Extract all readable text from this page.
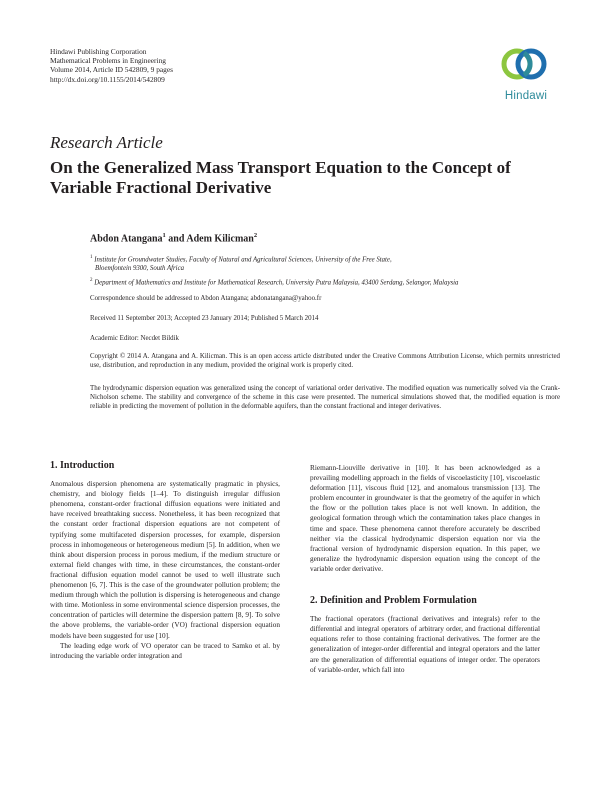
Hindawi Publishing Corporation
Mathematical Problems in Engineering
Volume 2014, Article ID 542809, 9 pages
http://dx.doi.org/10.1155/2014/542809
Hindawi
Research Article
On the Generalized Mass Transport Equation to the Concept of Variable Fractional Derivative
Abdon Atangana$^1$ and Adem Kilicman$^2$
$^1$ Institute for Groundwater Studies, Faculty of Natural and Agricultural Sciences, University of the Free State,
Bloemfontein 9300, South Africa
$^2$ Department of Mathematics and Institute for Mathematical Research, University Putra Malaysia, 43400 Serdang, Selangor, Malaysia
Correspondence should be addressed to Abdon Atangana; abdonatangana@yahoo.fr
Received 11 September 2013; Accepted 23 January 2014; Published 5 March 2014
Academic Editor: Necdet Bildik
Copyright © 2014 A. Atangana and A. Kilicman. This is an open access article distributed under the Creative Commons Attribution License, which permits unrestricted use, distribution, and reproduction in any medium, provided the original work is properly cited.
The hydrodynamic dispersion equation was generalized using the concept of variational order derivative. The modified equation was numerically solved via the Crank-Nicholson scheme. The stability and convergence of the scheme in this case were presented. The numerical simulations showed that, the modified equation is more reliable in predicting the movement of pollution in the deformable aquifers, than the constant fractional and integer derivatives.
1. Introduction

Anomalous dispersion phenomena are systematically pragmatic in physics, chemistry, and biology fields [1–4]. To distinguish irregular diffusion phenomena, constant-order fractional diffusion equations were initiated and have received breathtaking success. Nonetheless, it has been recognized that the constant order fractional dispersion equations are not competent of typifying some multifaceted dispersion processes, for example, dispersion process in inhomogeneous or heterogeneous medium [5]. In addition, when we think about dispersion process in porous medium, if the medium structure or external field changes with time, in these circumstances, the constant-order fractional diffusion equation model cannot be used to well illustrate such phenomenon [6, 7]. This is the case of the groundwater pollution problem; the medium through which the pollution is dispersing is heterogeneous and change with time. Motionless in some environmental science dispersion processes, the concentration of particles will determine the dispersion pattern [8, 9]. To solve the above problems, the variable-order (VO) fractional dispersion equation models have been suggested for use [10].

The leading edge work of VO operator can be traced to Samko et al. by introducing the variable order integration and

Riemann-Liouville derivative in [10]. It has been acknowledged as a prevailing modelling approach in the fields of viscoelasticity [10], viscoelastic deformation [11], viscous fluid [12], and anomalous transmission [13]. The problem encounter in groundwater is that the geometry of the aquifer in which the flow or the pollution takes place is not well known. In addition, the geological formation through which the contamination takes place changes in time and space. These phenomena cannot therefore accurately be described neither via the classical hydrodynamic dispersion equation nor via the fractional version of hydrodynamic dispersion equation. In this paper, we generalize the hydrodynamic dispersion equation using the concept of the variable order derivative.

2. Definition and Problem Formulation

The fractional operators (fractional derivatives and integrals) refer to the differential and integral operators of arbitrary order, and fractional differential equations refer to those containing fractional derivatives. The former are the generalization of integer-order differential and integral operators and the latter are the generalization of differential equations of integer order. The operators of variable-order, which fall into
